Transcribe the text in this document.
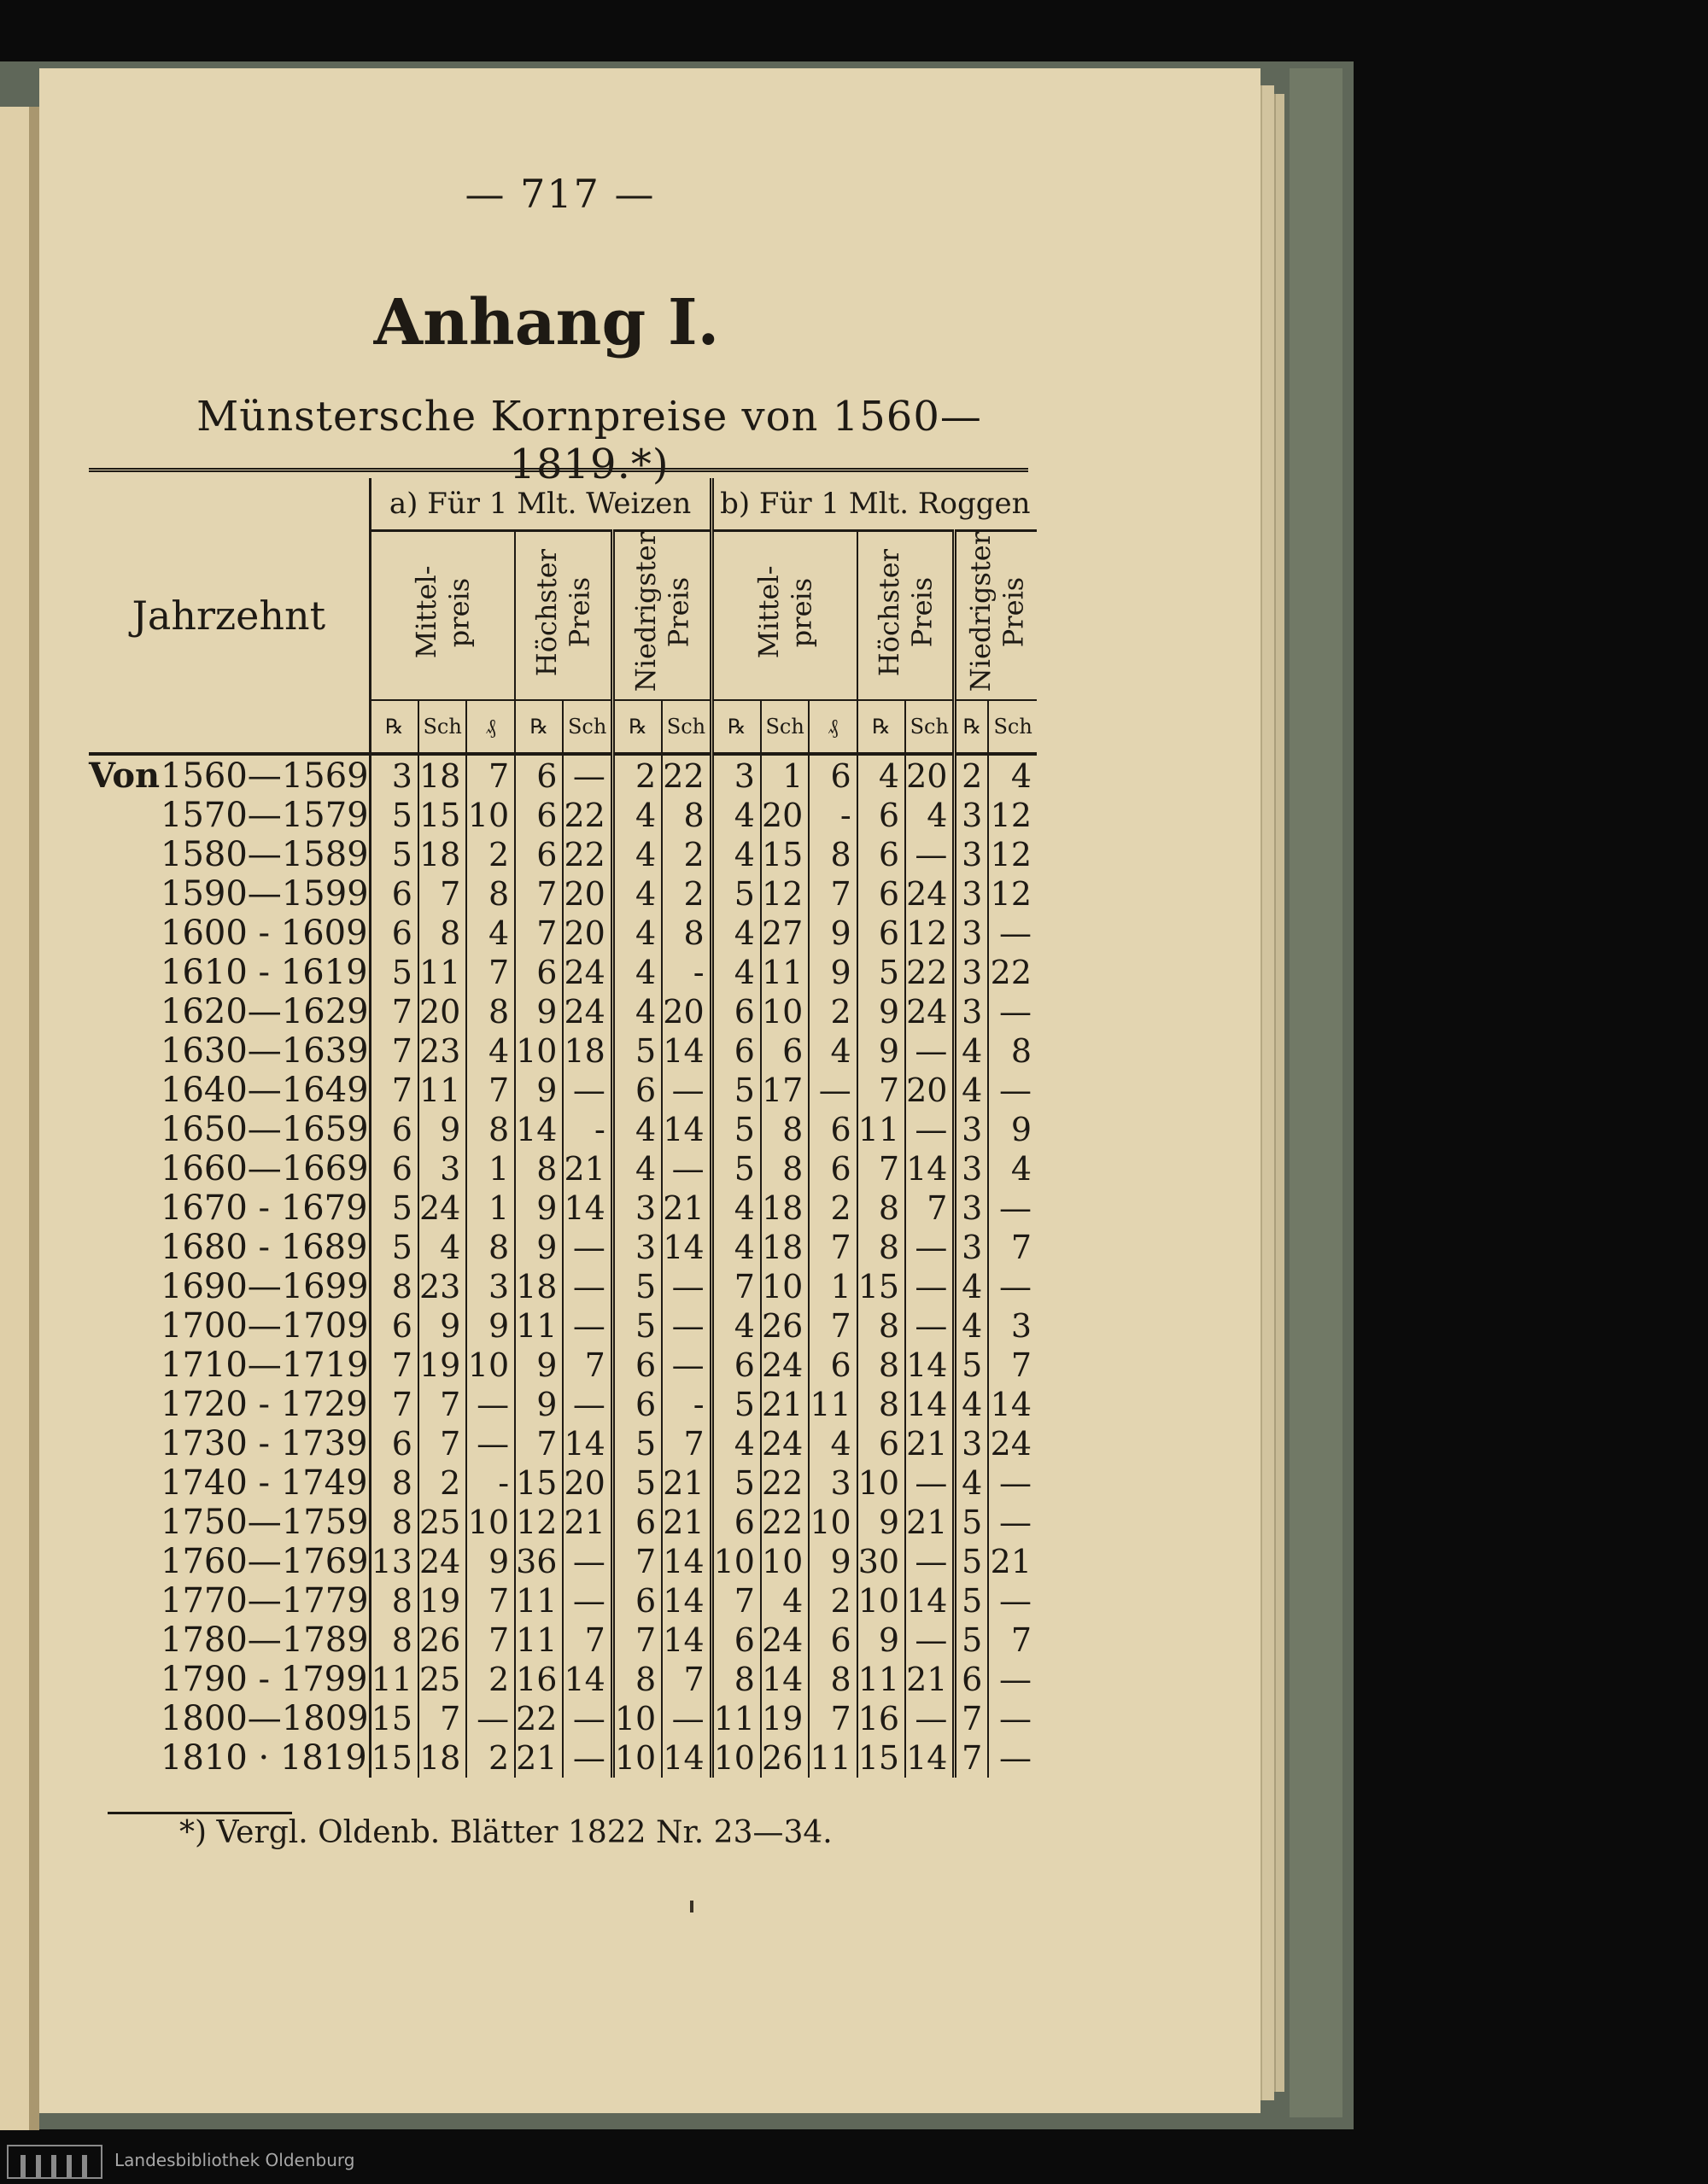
— 717 —
Anhang I.
Münstersche Kornpreise von 1560—1819.*)
Jahrzehnt	a) Für 1 Mlt. Weizen							b) Für 1 Mlt. Roggen						
	Mittel- preis			Höchster Preis		Niedrigster Preis		Mittel- preis			Höchster Preis		Niedrigster Preis	
	℞	Sch	₰	℞	Sch	℞	Sch	℞	Sch	₰	℞	Sch	℞	Sch
Von1560—1569	3	18	7	6	—	2	22	3	1	6	4	20	2	4
1570—1579	5	15	10	6	22	4	8	4	20	-	6	4	3	12
1580—1589	5	18	2	6	22	4	2	4	15	8	6	—	3	12
1590—1599	6	7	8	7	20	4	2	5	12	7	6	24	3	12
1600 - 1609	6	8	4	7	20	4	8	4	27	9	6	12	3	—
1610 - 1619	5	11	7	6	24	4	-	4	11	9	5	22	3	22
1620—1629	7	20	8	9	24	4	20	6	10	2	9	24	3	—
1630—1639	7	23	4	10	18	5	14	6	6	4	9	—	4	8
1640—1649	7	11	7	9	—	6	—	5	17	—	7	20	4	—
1650—1659	6	9	8	14	-	4	14	5	8	6	11	—	3	9
1660—1669	6	3	1	8	21	4	—	5	8	6	7	14	3	4
1670 - 1679	5	24	1	9	14	3	21	4	18	2	8	7	3	—
1680 - 1689	5	4	8	9	—	3	14	4	18	7	8	—	3	7
1690—1699	8	23	3	18	—	5	—	7	10	1	15	—	4	—
1700—1709	6	9	9	11	—	5	—	4	26	7	8	—	4	3
1710—1719	7	19	10	9	7	6	—	6	24	6	8	14	5	7
1720 - 1729	7	7	—	9	—	6	-	5	21	11	8	14	4	14
1730 - 1739	6	7	—	7	14	5	7	4	24	4	6	21	3	24
1740 - 1749	8	2	-	15	20	5	21	5	22	3	10	—	4	—
1750—1759	8	25	10	12	21	6	21	6	22	10	9	21	5	—
1760—1769	13	24	9	36	—	7	14	10	10	9	30	—	5	21
1770—1779	8	19	7	11	—	6	14	7	4	2	10	14	5	—
1780—1789	8	26	7	11	7	7	14	6	24	6	9	—	5	7
1790 - 1799	11	25	2	16	14	8	7	8	14	8	11	21	6	—
1800—1809	15	7	—	22	—	10	—	11	19	7	16	—	7	—
1810 · 1819	15	18	2	21	—	10	14	10	26	11	15	14	7	—
*) Vergl. Oldenb. Blätter 1822 Nr. 23—34.
Landesbibliothek Oldenburg
